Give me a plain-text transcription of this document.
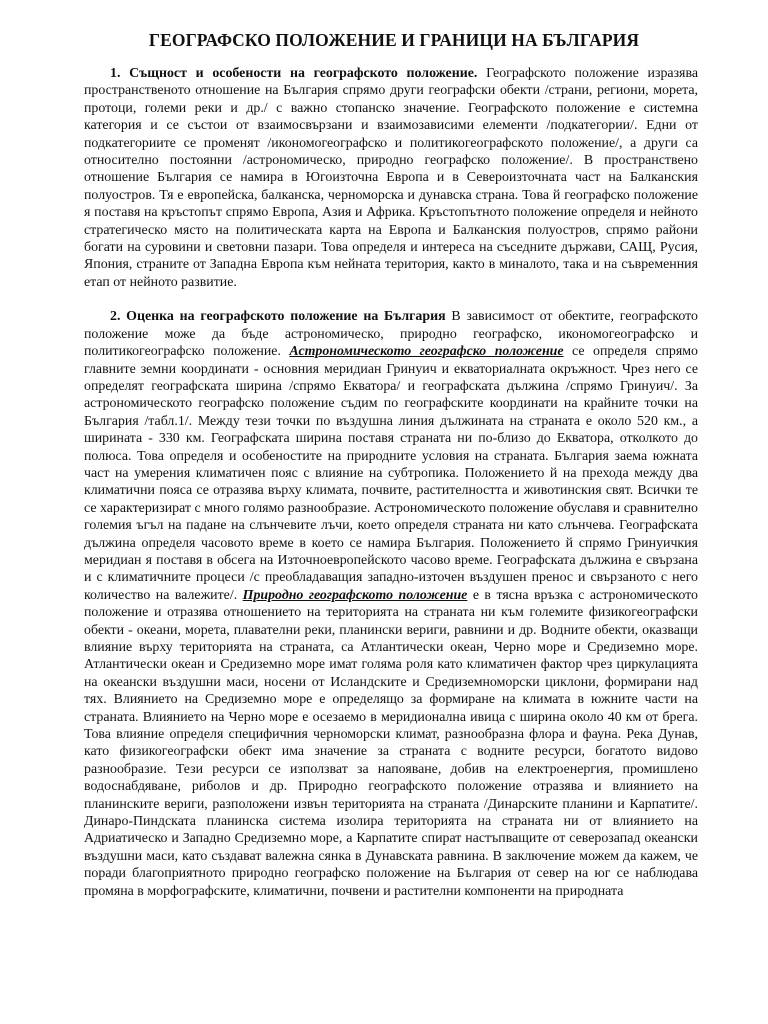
ГЕОГРАФСКО ПОЛОЖЕНИЕ И ГРАНИЦИ НА БЪЛГАРИЯ

1. Същност и особености на географското положение. Географското положение изразява пространственото отношение на България спрямо други географски обекти /страни, региони, морета, протоци, големи реки и др./ с важно стопанско значение. Географското положение е системна категория и се състои от взаимосвързани и взаимозависими елементи /подкатегории/. Едни от подкатегориите се променят /икономогеографско и политикогеографското положение/, а други са относително постоянни /астрономическо, природно географско положение/. В пространствено отношение България се намира в Югоизточна Европа и в Североизточната част на Балканския полуостров. Тя е европейска, балканска, черноморска и дунавска страна. Това й географско положение я поставя на кръстопът спрямо Европа, Азия и Африка. Кръстопътното положение определя и нейното стратегическо място на политическата карта на Европа и Балканския полуостров, спрямо райони богати на суровини и световни пазари. Това определя и интереса на съседните държави, САЩ, Русия, Япония, страните от Западна Европа към нейната територия, както в миналото, така и на съвременния етап от нейното развитие.

2. Оценка на географското положение на България В зависимост от обектите, географското положение може да бъде астрономическо, природно географско, икономогеографско и политикогеографско положение. Астрономическото географско положение се определя спрямо главните земни координати - основния меридиан Гринуич и екваториалната окръжност. Чрез него се определят географската ширина /спрямо Екватора/ и географската дължина /спрямо Гринуич/. За астрономическото географско положение съдим по географските координати на крайните точки на България /табл.1/. Между тези точки по въздушна линия дължината на страната е около 520 км., а ширината - 330 км. Географската ширина поставя страната ни по-близо до Екватора, отколкото до полюса. Това определя и особеностите на природните условия на страната. България заема южната част на умерения климатичен пояс с влияние на субтропика. Положението й на прехода между два климатични пояса се отразява върху климата, почвите, растителността и животинския свят. Всички те се характеризират с много голямо разнообразие. Астрономическото положение обуславя и сравнително големия ъгъл на падане на слънчевите лъчи, което определя страната ни като слънчева. Географската дължина определя часовото време в което се намира България. Положението й спрямо Гринуичкия меридиан я поставя в обсега на Източноевропейското часово време. Географската дължина е свързана и с климатичните процеси /с преобладаващия западно-източен въздушен пренос и свързаното с него количество на валежите/. Природно географското положение е в тясна връзка с астрономическото положение и отразява отношението на територията на страната ни към големите физикогеографски обекти - океани, морета, плавателни реки, планински вериги, равнини и др. Водните обекти, оказващи влияние върху територията на страната, са Атлантически океан, Черно море и Средиземно море. Атлантически океан и Средиземно море имат голяма роля като климатичен фактор чрез циркулацията на океански въздушни маси, носени от Исландските и Средиземноморски циклони, формирани над тях. Влиянието на Средиземно море е определящо за формиране на климата в южните части на страната. Влиянието на Черно море е осезаемо в меридионална ивица с ширина около 40 км от брега. Това влияние определя специфичния черноморски климат, разнообразна флора и фауна. Река Дунав, като физикогеографски обект има значение за страната с водните ресурси, богатото видово разнообразие. Тези ресурси се използват за напояване, добив на електроенергия, промишлено водоснабдяване, риболов и др. Природно географското положение отразява и влиянието на планинските вериги, разположени извън територията на страната /Динарските планини и Карпатите/. Динаро-Пиндската планинска система изолира територията на страната ни от влиянието на Адриатическо и Западно Средиземно море, а Карпатите спират настъпващите от северозапад океански въздушни маси, като създават валежна сянка в Дунавската равнина. В заключение можем да кажем, че поради благоприятното природно географско положение на България от север на юг се наблюдава промяна в морфографските, климатични, почвени и растителни компоненти на природната
